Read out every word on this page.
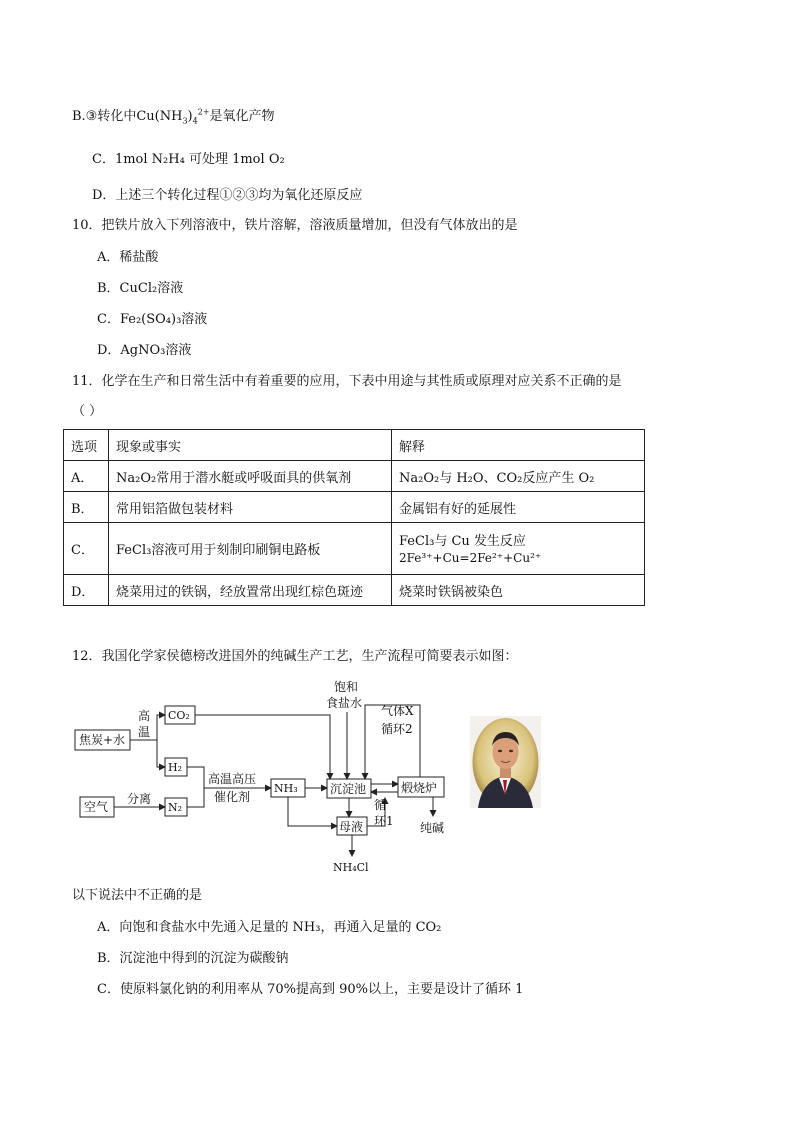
B.③转化中$Cu(NH_3)_4^{2+}$是氧化产物
C．1mol N₂H₄ 可处理 1mol O₂
D．上述三个转化过程①②③均为氧化还原反应
10．把铁片放入下列溶液中，铁片溶解，溶液质量增加，但没有气体放出的是
A．稀盐酸
B．CuCl₂溶液
C．Fe₂(SO₄)₃溶液
D．AgNO₃溶液
11．化学在生产和日常生活中有着重要的应用，下表中用途与其性质或原理对应关系不正确的是
（ ）
选项	现象或事实	解释
A．	Na₂O₂常用于潜水艇或呼吸面具的供氧剂	Na₂O₂与 H₂O、CO₂反应产生 O₂
B．	常用铝箔做包装材料	金属铝有好的延展性
C．	FeCl₃溶液可用于刻制印刷铜电路板	FeCl₃与 Cu 发生反应
2Fe³⁺+Cu=2Fe²⁺+Cu²⁺

D．	烧菜用过的铁锅，经放置常出现红棕色斑迹	烧菜时铁锅被染色
12．我国化学家侯德榜改进国外的纯碱生产工艺，生产流程可简要表示如图：
焦炭+水
高
温
CO₂
H₂
空气
分离
N₂
高温高压
催化剂
NH₃
饱和
食盐水
气体X
循环2
沉淀池	煅烧炉
循
环1
母液	纯碱
NH₄Cl
以下说法中不正确的是
A．向饱和食盐水中先通入足量的 NH₃，再通入足量的 CO₂
B．沉淀池中得到的沉淀为碳酸钠
C．使原料氯化钠的利用率从 70%提高到 90%以上，主要是设计了循环 1
